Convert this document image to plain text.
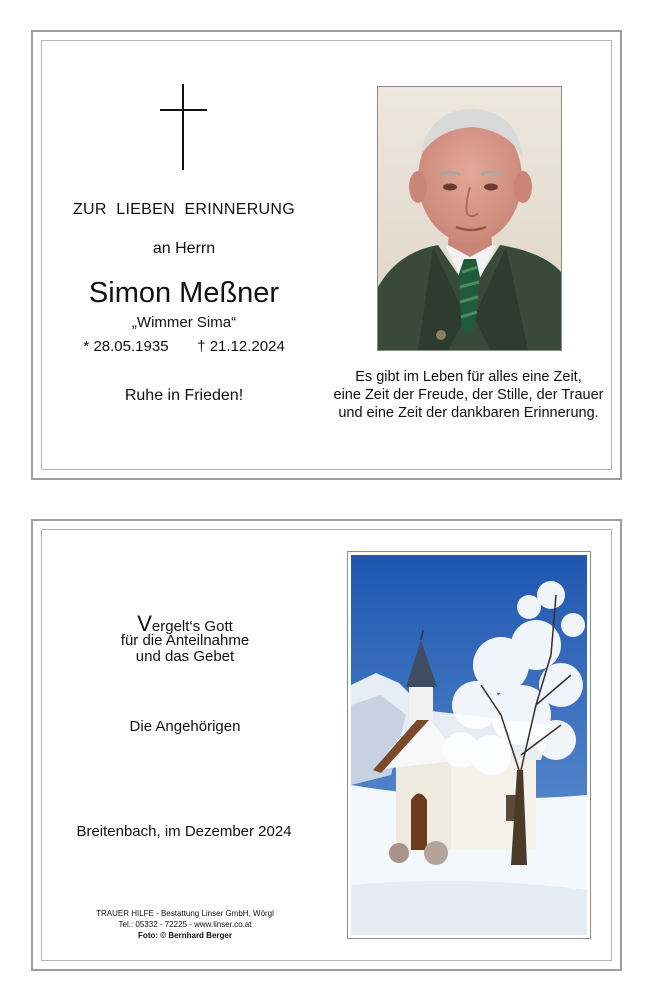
ZUR  LIEBEN  ERINNERUNG
an Herrn
Simon Meßner
„Wimmer Sima“
* 28.05.1935	† 21.12.2024
Ruhe in Frieden!
Es gibt im Leben für alles eine Zeit,
eine Zeit der Freude, der Stille, der Trauer
und eine Zeit der dankbaren Erinnerung.
Vergelt‘s Gott
für die Anteilnahme
und das Gebet
Die Angehörigen
Breitenbach, im Dezember 2024
TRAUER HILFE - Bestattung Linser GmbH, Wörgl
Tel.: 05332 - 72225 - www.linser.co.at
Foto: © Bernhard Berger
